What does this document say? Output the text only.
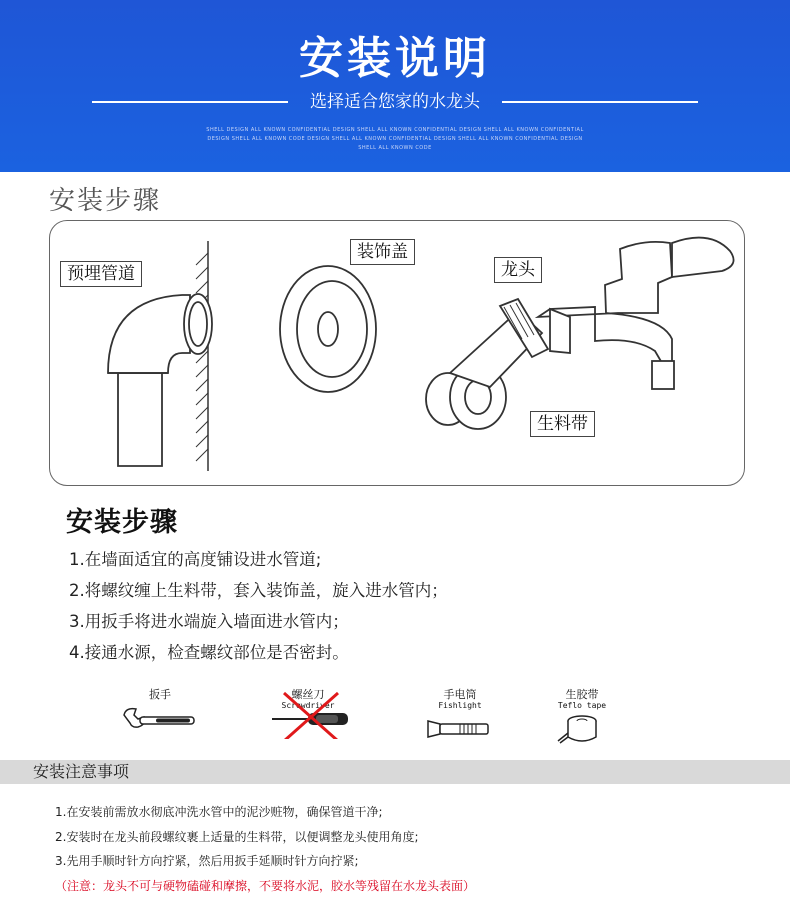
安装说明
选择适合您家的水龙头
SHELL DESIGN ALL KNOWN CONFIDENTIAL DESIGN SHELL ALL KNOWN CONFIDENTIAL DESIGN SHELL ALL KNOWN CONFIDENTIAL DESIGN SHELL ALL KNOWN CODE DESIGN SHELL ALL KNOWN CONFIDENTIAL DESIGN SHELL ALL KNOWN CONFIDENTIAL DESIGN SHELL ALL KNOWN CODE
安装步骤
预埋管道
装饰盖
龙头
生料带
安装步骤
1.在墙面适宜的高度铺设进水管道;
2.将螺纹缠上生料带，套入装饰盖，旋入进水管内；
3.用扳手将进水端旋入墙面进水管内；
4.接通水源，检查螺纹部位是否密封。
扳手	螺丝刀
Screwdriver
手电筒
Fishlight
生胶带
Teflo tape
安装注意事项
1.在安装前需放水彻底冲洗水管中的泥沙赃物，确保管道干净;
2.安装时在龙头前段螺纹裹上适量的生料带，以便调整龙头使用角度;
3.先用手顺时针方向拧紧，然后用扳手延顺时针方向拧紧;
（注意：龙头不可与硬物磕碰和摩擦，不要将水泥，胶水等残留在水龙头表面）
